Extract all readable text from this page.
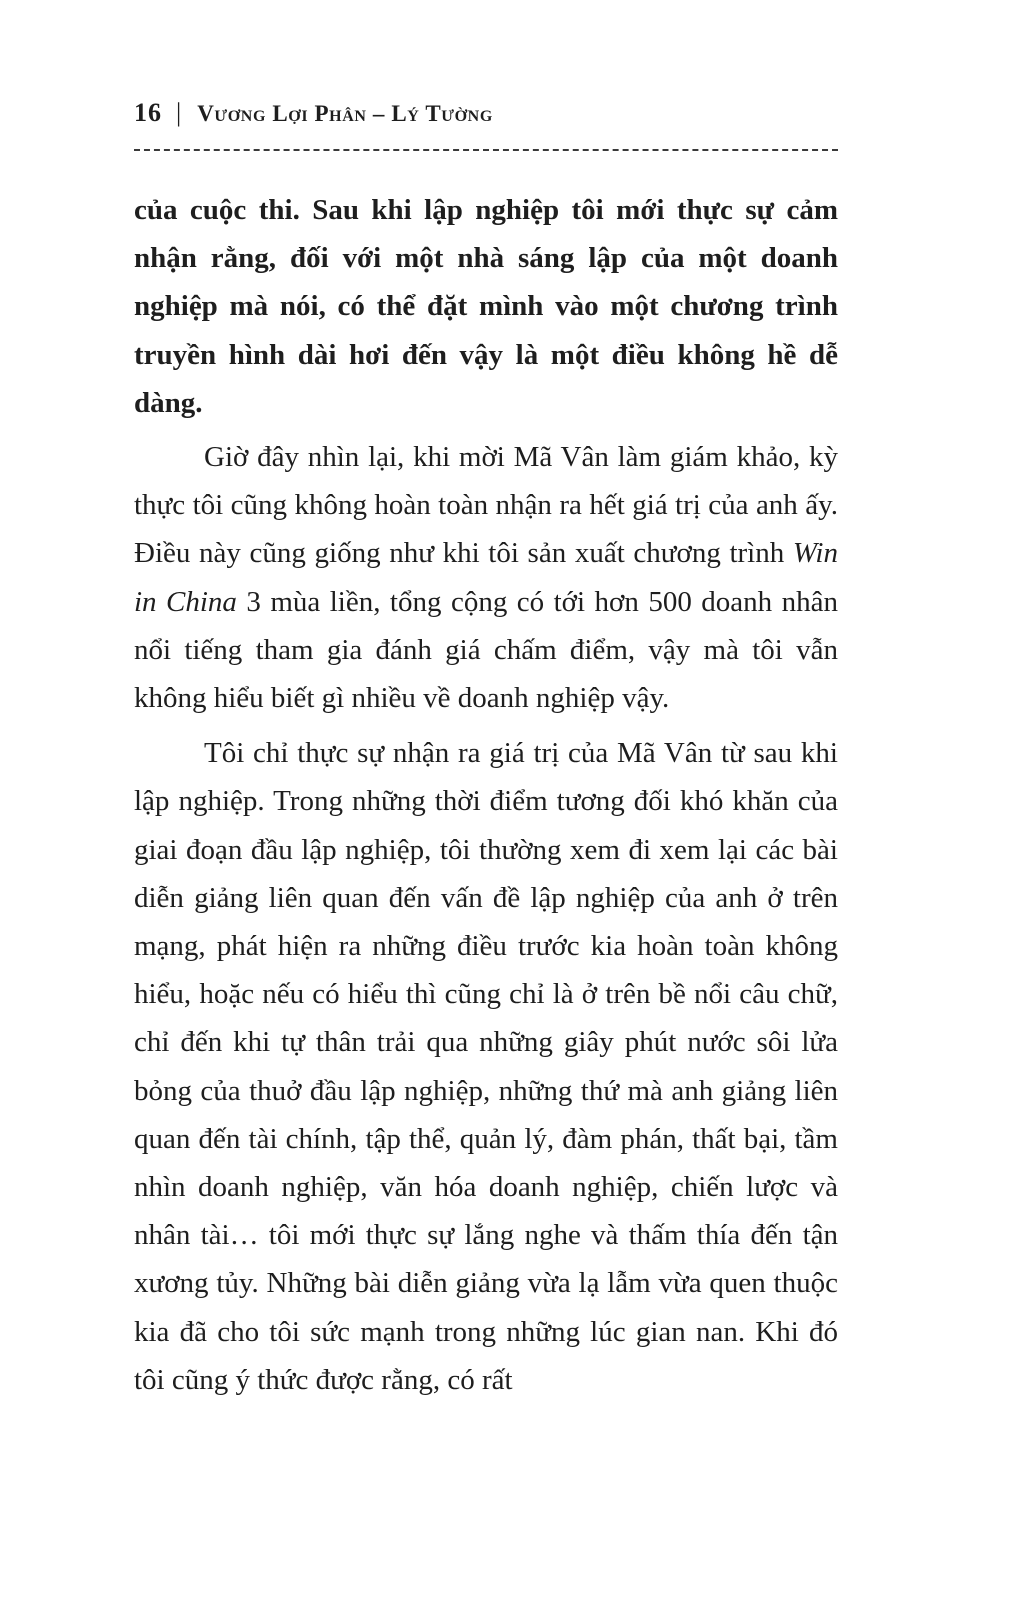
16 | Vương Lợi Phân – Lý Tường

của cuộc thi. Sau khi lập nghiệp tôi mới thực sự cảm nhận rằng, đối với một nhà sáng lập của một doanh nghiệp mà nói, có thể đặt mình vào một chương trình truyền hình dài hơi đến vậy là một điều không hề dễ dàng.

Giờ đây nhìn lại, khi mời Mã Vân làm giám khảo, kỳ thực tôi cũng không hoàn toàn nhận ra hết giá trị của anh ấy. Điều này cũng giống như khi tôi sản xuất chương trình Win in China 3 mùa liền, tổng cộng có tới hơn 500 doanh nhân nổi tiếng tham gia đánh giá chấm điểm, vậy mà tôi vẫn không hiểu biết gì nhiều về doanh nghiệp vậy.

Tôi chỉ thực sự nhận ra giá trị của Mã Vân từ sau khi lập nghiệp. Trong những thời điểm tương đối khó khăn của giai đoạn đầu lập nghiệp, tôi thường xem đi xem lại các bài diễn giảng liên quan đến vấn đề lập nghiệp của anh ở trên mạng, phát hiện ra những điều trước kia hoàn toàn không hiểu, hoặc nếu có hiểu thì cũng chỉ là ở trên bề nổi câu chữ, chỉ đến khi tự thân trải qua những giây phút nước sôi lửa bỏng của thuở đầu lập nghiệp, những thứ mà anh giảng liên quan đến tài chính, tập thể, quản lý, đàm phán, thất bại, tầm nhìn doanh nghiệp, văn hóa doanh nghiệp, chiến lược và nhân tài… tôi mới thực sự lắng nghe và thấm thía đến tận xương tủy. Những bài diễn giảng vừa lạ lẫm vừa quen thuộc kia đã cho tôi sức mạnh trong những lúc gian nan. Khi đó tôi cũng ý thức được rằng, có rất
